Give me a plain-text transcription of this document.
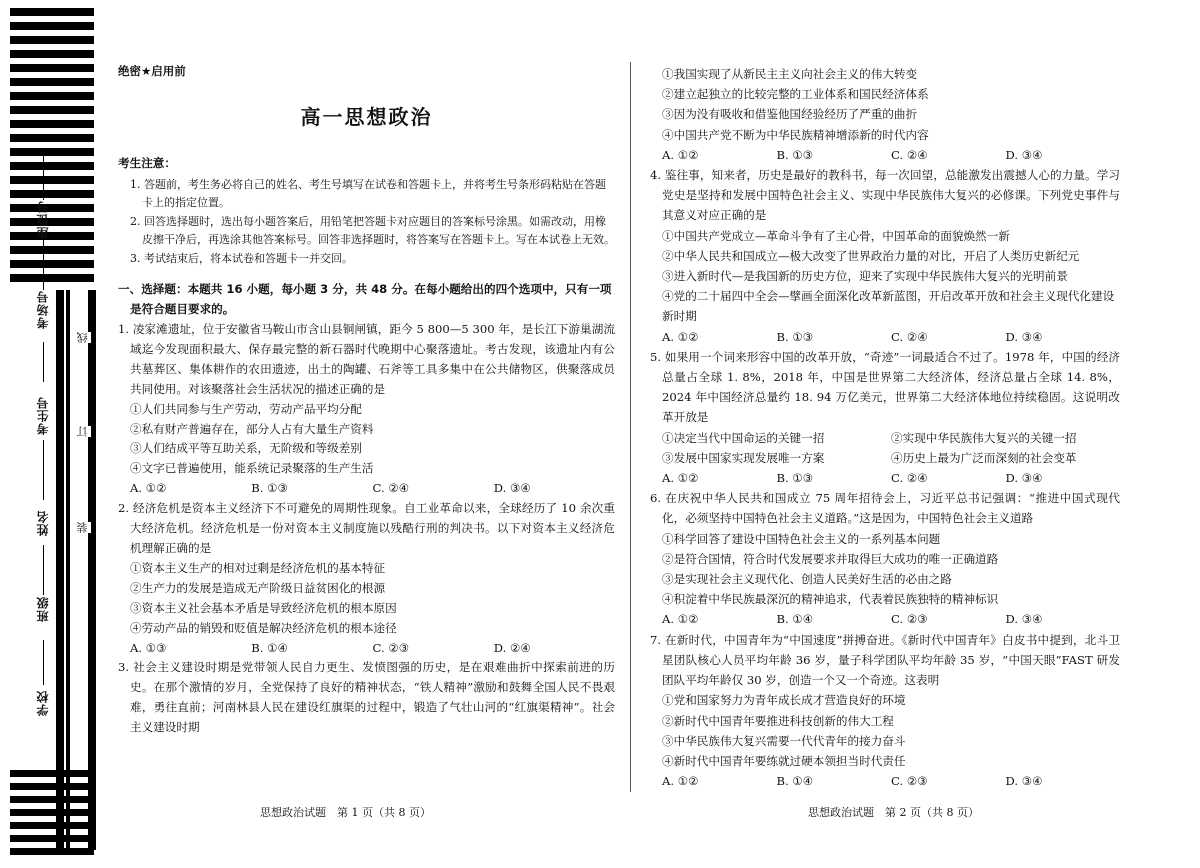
座位号
考场号
考生号
姓名
班级
学校
线
订
装
绝密★启用前
高一思想政治
考生注意：
1. 答题前，考生务必将自己的姓名、考生号填写在试卷和答题卡上，并将考生号条形码粘贴在答题卡上的指定位置。
2. 回答选择题时，选出每小题答案后，用铅笔把答题卡对应题目的答案标号涂黑。如需改动，用橡皮擦干净后，再选涂其他答案标号。回答非选择题时，将答案写在答题卡上。写在本试卷上无效。
3. 考试结束后，将本试卷和答题卡一并交回。
一、选择题：本题共 16 小题，每小题 3 分，共 48 分。在每小题给出的四个选项中，只有一项是符合题目要求的。
1. 凌家滩遗址，位于安徽省马鞍山市含山县铜闸镇，距今 5 800—5 300 年，是长江下游巢湖流域迄今发现面积最大、保存最完整的新石器时代晚期中心聚落遗址。考古发现，该遗址内有公共墓葬区、集体耕作的农田遗迹，出土的陶罐、石斧等工具多集中在公共储物区，供聚落成员共同使用。对该聚落社会生活状况的描述正确的是
①人们共同参与生产劳动，劳动产品平均分配
②私有财产普遍存在，部分人占有大量生产资料
③人们结成平等互助关系，无阶级和等级差别
④文字已普遍使用，能系统记录聚落的生产生活
A. ①②	B. ①③	C. ②④	D. ③④
2. 经济危机是资本主义经济下不可避免的周期性现象。自工业革命以来，全球经历了 10 余次重大经济危机。经济危机是一份对资本主义制度施以残酷行刑的判决书。以下对资本主义经济危机理解正确的是
①资本主义生产的相对过剩是经济危机的基本特征
②生产力的发展是造成无产阶级日益贫困化的根源
③资本主义社会基本矛盾是导致经济危机的根本原因
④劳动产品的销毁和贬值是解决经济危机的根本途径
A. ①③	B. ①④	C. ②③	D. ②④
3. 社会主义建设时期是党带领人民自力更生、发愤图强的历史，是在艰难曲折中探索前进的历史。在那个激情的岁月，全党保持了良好的精神状态，“铁人精神”激励和鼓舞全国人民不畏艰难，勇往直前；河南林县人民在建设红旗渠的过程中，锻造了气壮山河的“红旗渠精神”。社会主义建设时期
思想政治试题　第 1 页（共 8 页）
①我国实现了从新民主主义向社会主义的伟大转变
②建立起独立的比较完整的工业体系和国民经济体系
③因为没有吸收和借鉴他国经验经历了严重的曲折
④中国共产党不断为中华民族精神增添新的时代内容
A. ①②	B. ①③	C. ②④	D. ③④
4. 鉴往事，知来者，历史是最好的教科书，每一次回望，总能激发出震撼人心的力量。学习党史是坚持和发展中国特色社会主义、实现中华民族伟大复兴的必修课。下列党史事件与其意义对应正确的是
①中国共产党成立—革命斗争有了主心骨，中国革命的面貌焕然一新
②中华人民共和国成立—极大改变了世界政治力量的对比，开启了人类历史新纪元
③进入新时代—是我国新的历史方位，迎来了实现中华民族伟大复兴的光明前景
④党的二十届四中全会—擘画全面深化改革新蓝图，开启改革开放和社会主义现代化建设新时期
A. ①②	B. ①③	C. ②④	D. ③④
5. 如果用一个词来形容中国的改革开放，“奇迹”一词最适合不过了。1978 年，中国的经济总量占全球 1. 8%，2018 年，中国是世界第二大经济体，经济总量占全球 14. 8%，2024 年中国经济总量约 18. 94 万亿美元，世界第二大经济体地位持续稳固。这说明改革开放是
①决定当代中国命运的关键一招	②实现中华民族伟大复兴的关键一招
③发展中国家实现发展唯一方案	④历史上最为广泛而深刻的社会变革
A. ①②	B. ①③	C. ②④	D. ③④
6. 在庆祝中华人民共和国成立 75 周年招待会上，习近平总书记强调：“推进中国式现代化，必须坚持中国特色社会主义道路。”这是因为，中国特色社会主义道路
①科学回答了建设中国特色社会主义的一系列基本问题
②是符合国情，符合时代发展要求并取得巨大成功的唯一正确道路
③是实现社会主义现代化、创造人民美好生活的必由之路
④积淀着中华民族最深沉的精神追求，代表着民族独特的精神标识
A. ①②	B. ①④	C. ②③	D. ③④
7. 在新时代，中国青年为“中国速度”拼搏奋进。《新时代中国青年》白皮书中提到，北斗卫星团队核心人员平均年龄 36 岁，量子科学团队平均年龄 35 岁，“中国天眼”FAST 研发团队平均年龄仅 30 岁，创造一个又一个奇迹。这表明
①党和国家努力为青年成长成才营造良好的环境
②新时代中国青年要推进科技创新的伟大工程
③中华民族伟大复兴需要一代代青年的接力奋斗
④新时代中国青年要练就过硬本领担当时代责任
A. ①②	B. ①④	C. ②③	D. ③④
思想政治试题　第 2 页（共 8 页）
